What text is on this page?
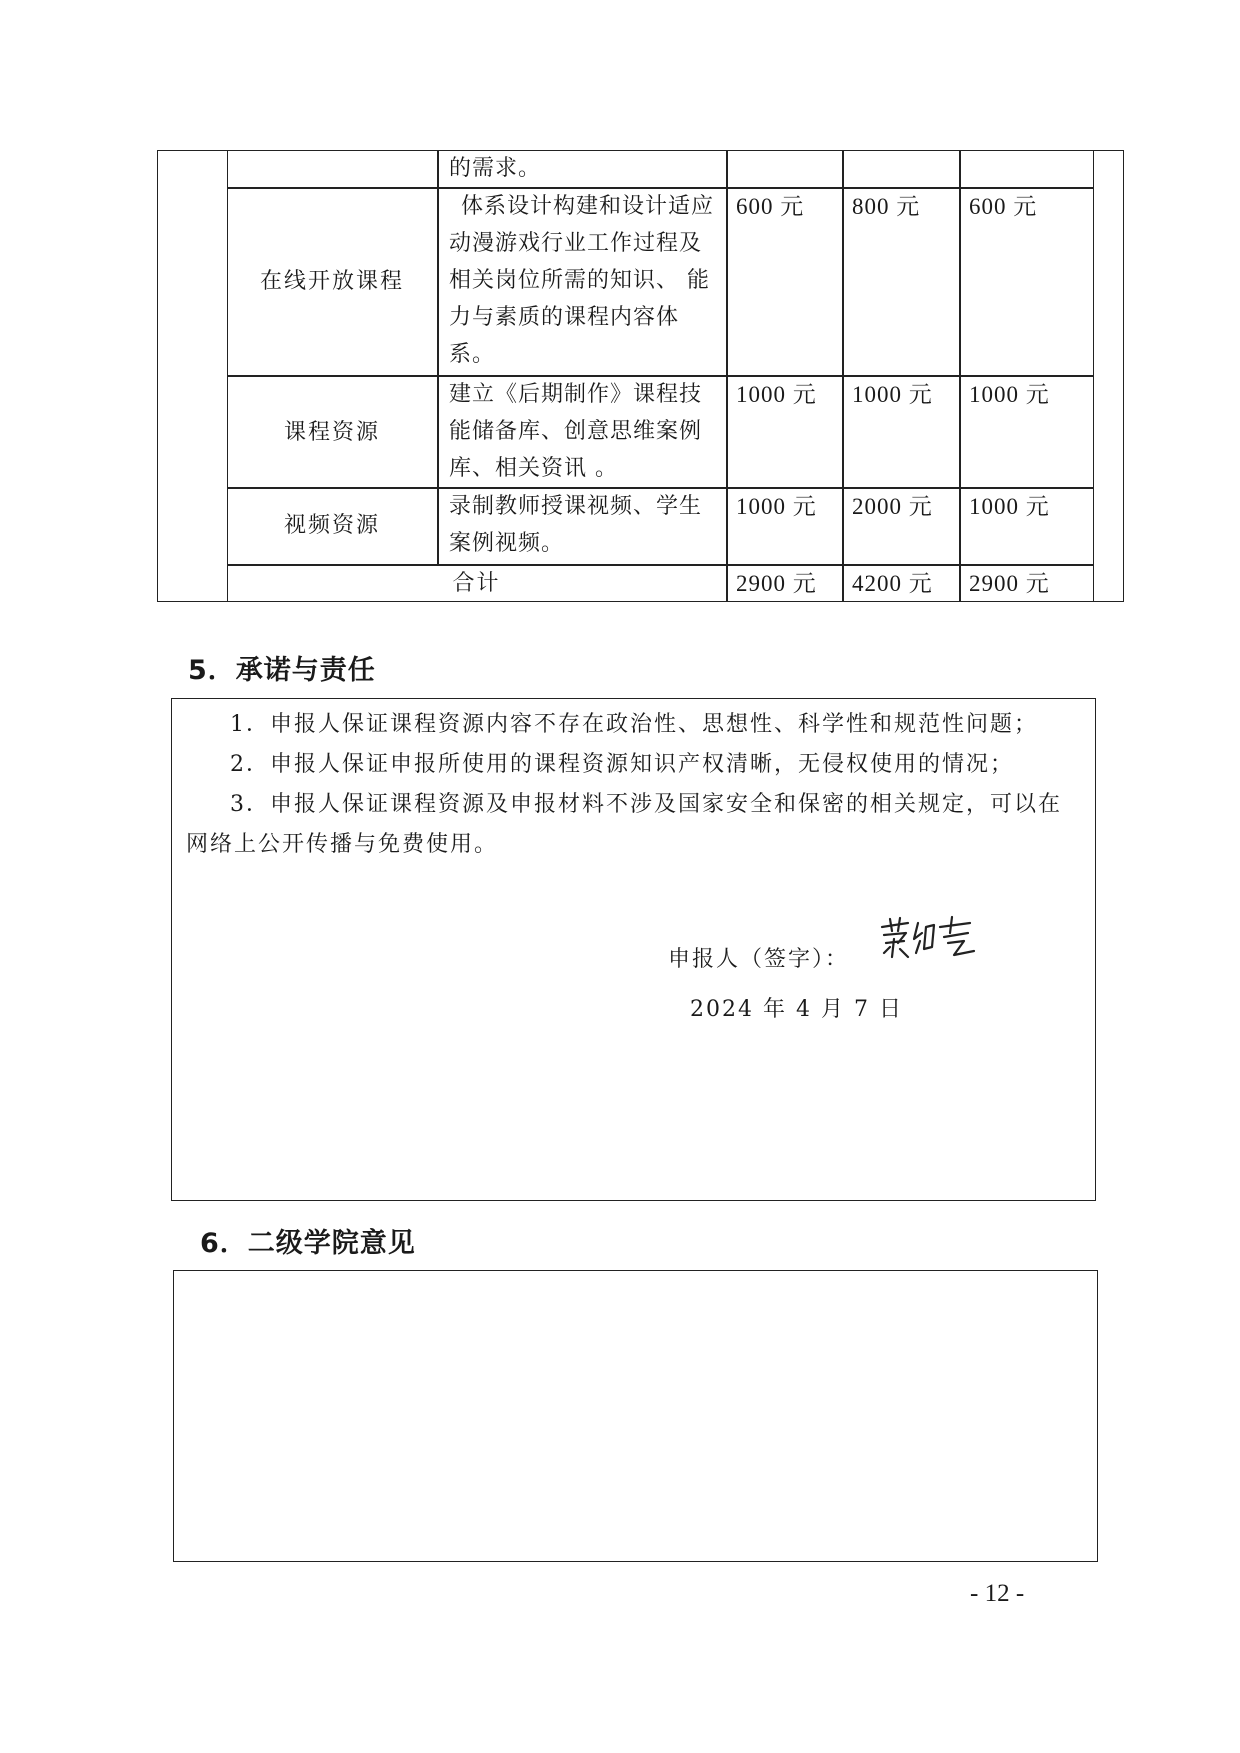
的需求。
在线开放课程
体系设计构建和设计适应动漫游戏行业工作过程及相关岗位所需的知识、 能力与素质的课程内容体系。
600 元 800 元 600 元
课程资源
建立《后期制作》课程技能储备库、创意思维案例库、相关资讯 。
1000 元 1000 元 1000 元
视频资源
录制教师授课视频、学生案例视频。
1000 元 2000 元 1000 元
合计	2900 元 4200 元 2900 元
5．承诺与责任
1．申报人保证课程资源内容不存在政治性、思想性、科学性和规范性问题；
2．申报人保证申报所使用的课程资源知识产权清晰，无侵权使用的情况；
3．申报人保证课程资源及申报材料不涉及国家安全和保密的相关规定，可以在网络上公开传播与免费使用。
申报人（签字）：
2024 年 4 月 7 日
6．二级学院意见
- 12 -
